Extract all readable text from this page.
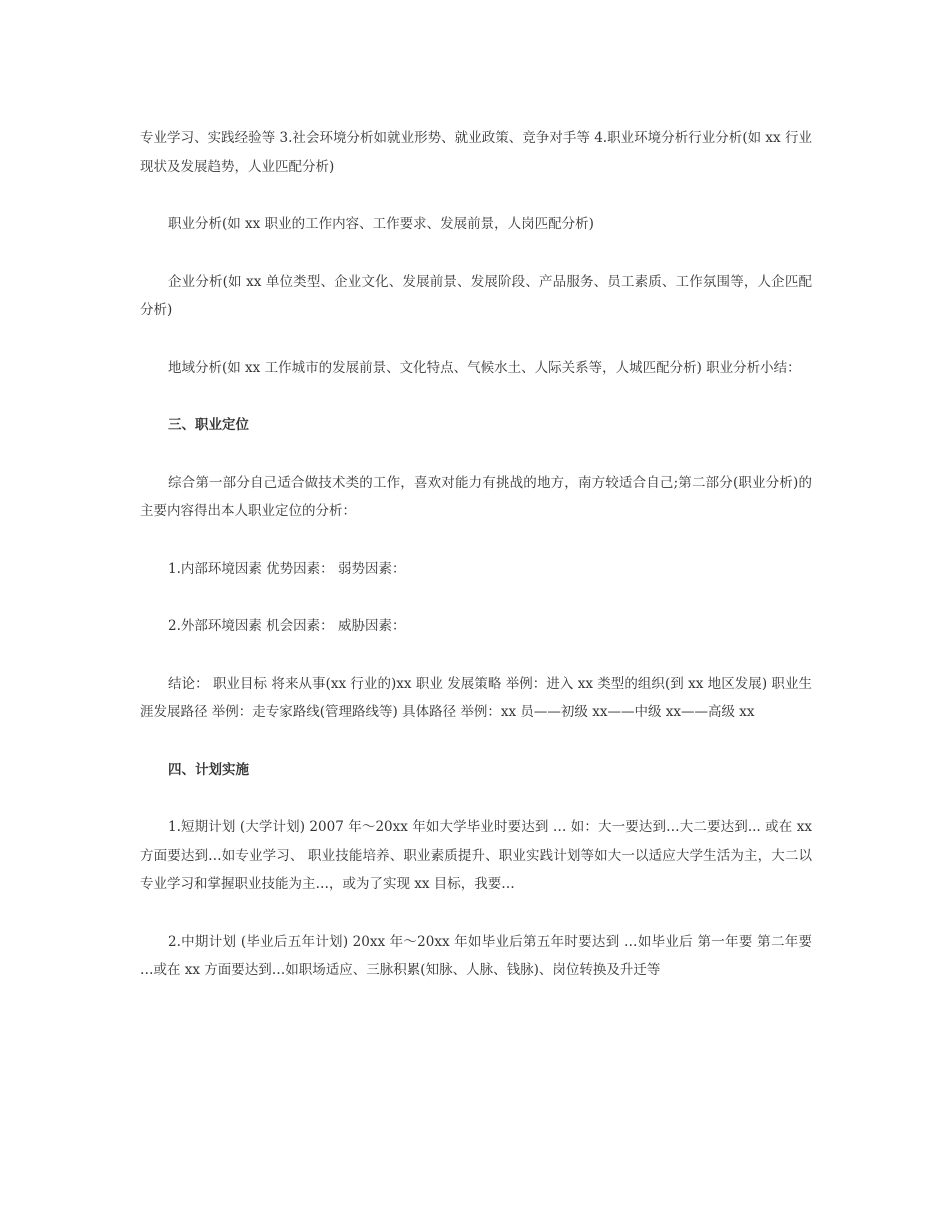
专业学习、实践经验等 3.社会环境分析如就业形势、就业政策、竞争对手等 4.职业环境分析行业分析(如 xx 行业现状及发展趋势，人业匹配分析)

职业分析(如 xx 职业的工作内容、工作要求、发展前景，人岗匹配分析)

企业分析(如 xx 单位类型、企业文化、发展前景、发展阶段、产品服务、员工素质、工作氛围等，人企匹配分析)

地域分析(如 xx 工作城市的发展前景、文化特点、气候水土、人际关系等，人城匹配分析) 职业分析小结：

三、职业定位

综合第一部分自己适合做技术类的工作，喜欢对能力有挑战的地方，南方较适合自己;第二部分(职业分析)的主要内容得出本人职业定位的分析：

1.内部环境因素 优势因素： 弱势因素：

2.外部环境因素 机会因素： 威胁因素：

结论： 职业目标 将来从事(xx 行业的)xx 职业 发展策略 举例：进入 xx 类型的组织(到 xx 地区发展) 职业生涯发展路径 举例：走专家路线(管理路线等) 具体路径 举例：xx 员——初级 xx——中级 xx——高级 xx

四、计划实施

1.短期计划 (大学计划) 2007 年～20xx 年如大学毕业时要达到 … 如：大一要达到…大二要达到... 或在 xx 方面要达到…如专业学习、 职业技能培养、职业素质提升、职业实践计划等如大一以适应大学生活为主，大二以专业学习和掌握职业技能为主…，或为了实现 xx 目标，我要…

2.中期计划 (毕业后五年计划) 20xx 年～20xx 年如毕业后第五年时要达到 …如毕业后 第一年要 第二年要 …或在 xx 方面要达到…如职场适应、三脉积累(知脉、人脉、钱脉)、岗位转换及升迁等
